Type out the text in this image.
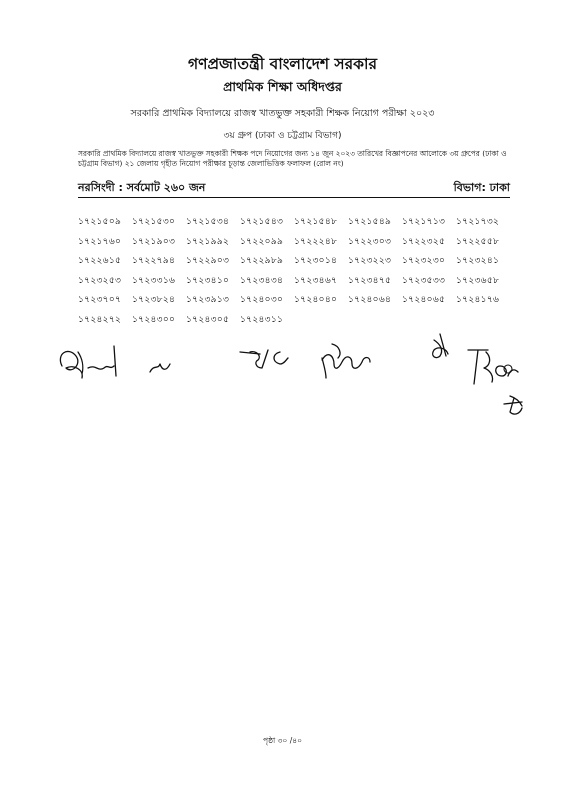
গণপ্রজাতন্ত্রী বাংলাদেশ সরকার
প্রাথমিক শিক্ষা অধিদপ্তর
সরকারি প্রাথমিক বিদ্যালয়ে রাজস্ব খাতভুক্ত সহকারী শিক্ষক নিয়োগ পরীক্ষা ২০২৩
৩য় গ্রুপ (ঢাকা ও চট্টগ্রাম বিভাগ)
সরকারি প্রাথমিক বিদ্যালয়ে রাজস্ব খাতভুক্ত সহকারী শিক্ষক পদে নিয়োগের জন্য ১৪ জুন ২০২৩ তারিখের বিজ্ঞাপনের আলোকে ৩য় গ্রুপের (ঢাকা ও চট্টগ্রাম বিভাগ) ২১ জেলায় গৃহীত নিয়োগ পরীক্ষার চূড়ান্ত জেলাভিত্তিক ফলাফল (রোল নং)
নরসিংদী : সর্বমোট ২৬০ জন	বিভাগ: ঢাকা
১৭২১৫০৯	১৭২১৫৩০	১৭২১৫৩৪	১৭২১৫৪৩	১৭২১৫৪৮	১৭২১৫৪৯	১৭২১৭১৩	১৭২১৭৩২
১৭২১৭৬০	১৭২১৯০৩	১৭২১৯৯২	১৭২২০৯৯	১৭২২২৪৮	১৭২২৩০৩	১৭২২৩২৫	১৭২২৫৫৮
১৭২২৬১৫	১৭২২৭৯৪	১৭২২৯০৩	১৭২২৯৮৯	১৭২৩০১৪	১৭২৩২২৩	১৭২৩২৩০	১৭২৩২৪১
১৭২৩২৫৩	১৭২৩৩১৬	১৭২৩৪১০	১৭২৩৪৩৪	১৭২৩৪৬৭	১৭২৩৪৭৫	১৭২৩৫৩৩	১৭২৩৬৫৮
১৭২৩৭০৭	১৭২৩৮২৪	১৭২৩৯১৩	১৭২৪০৩০	১৭২৪০৪০	১৭২৪০৬৪	১৭২৪০৬৫	১৭২৪১৭৬
১৭২৪২৭২	১৭২৪৩০০	১৭২৪৩০৫	১৭২৪৩১১
পৃষ্ঠা ৩০ /৪০
